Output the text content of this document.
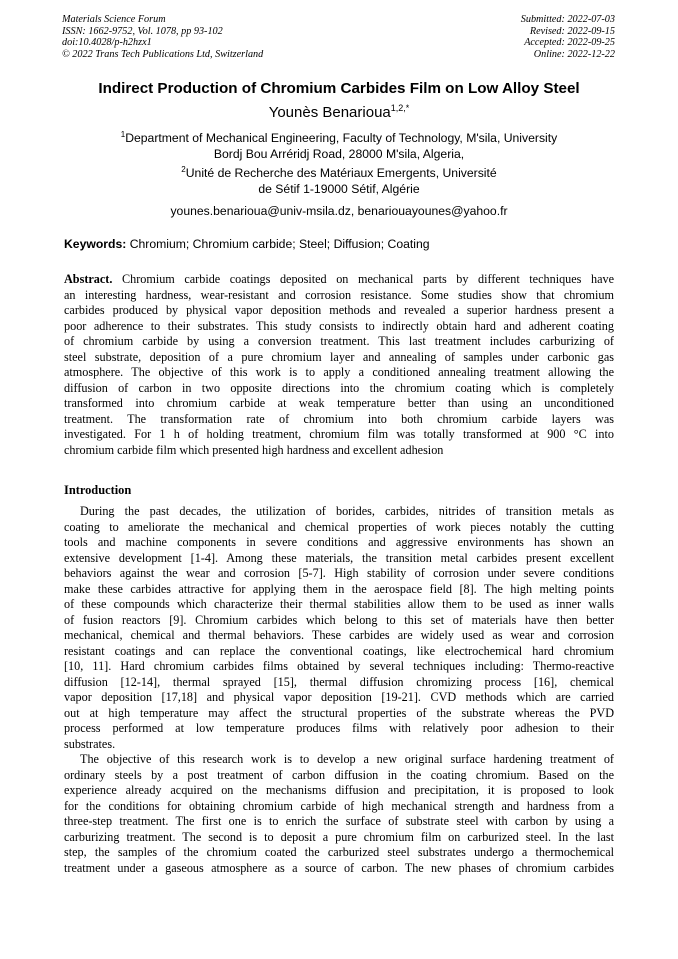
Materials Science Forum
ISSN: 1662-9752, Vol. 1078, pp 93-102
doi:10.4028/p-h2hzx1
© 2022 Trans Tech Publications Ltd, Switzerland
Submitted: 2022-07-03
Revised: 2022-09-15
Accepted: 2022-09-25
Online: 2022-12-22
Indirect Production of Chromium Carbides Film on Low Alloy Steel
Younès Benarioua$^{1,2,*}$
$^1$Department of Mechanical Engineering, Faculty of Technology, M'sila, University
Bordj Bou Arréridj Road, 28000 M'sila, Algeria,
$^2$Unité de Recherche des Matériaux Emergents, Université
de Sétif 1-19000 Sétif, Algérie
younes.benarioua@univ-msila.dz, benariouayounes@yahoo.fr
Keywords: Chromium; Chromium carbide; Steel; Diffusion; Coating
Abstract. Chromium carbide coatings deposited on mechanical parts by different techniques have
an interesting hardness, wear-resistant and corrosion resistance. Some studies show that chromium
carbides produced by physical vapor deposition methods and revealed a superior hardness present a
poor adherence to their substrates. This study consists to indirectly obtain hard and adherent coating
of chromium carbide by using a conversion treatment. This last treatment includes carburizing of
steel substrate, deposition of a pure chromium layer and annealing of samples under carbonic gas
atmosphere. The objective of this work is to apply a conditioned annealing treatment allowing the
diffusion of carbon in two opposite directions into the chromium coating which is completely
transformed into chromium carbide at weak temperature better than using an unconditioned
treatment. The transformation rate of chromium into both chromium carbide layers was
investigated. For 1 h of holding treatment, chromium film was totally transformed at 900 °C into
chromium carbide film which presented high hardness and excellent adhesion
Introduction
During the past decades, the utilization of borides, carbides, nitrides of transition metals as
coating to ameliorate the mechanical and chemical properties of work pieces notably the cutting
tools and machine components in severe conditions and aggressive environments has shown an
extensive development [1-4]. Among these materials, the transition metal carbides present excellent
behaviors against the wear and corrosion [5-7]. High stability of corrosion under severe conditions
make these carbides attractive for applying them in the aerospace field [8]. The high melting points
of these compounds which characterize their thermal stabilities allow them to be used as inner walls
of fusion reactors [9]. Chromium carbides which belong to this set of materials have then better
mechanical, chemical and thermal behaviors. These carbides are widely used as wear and corrosion
resistant coatings and can replace the conventional coatings, like electrochemical hard chromium
[10, 11]. Hard chromium carbides films obtained by several techniques including: Thermo-reactive
diffusion [12-14], thermal sprayed [15], thermal diffusion chromizing process [16], chemical
vapor deposition [17,18] and physical vapor deposition [19-21]. CVD methods which are carried
out at high temperature may affect the structural properties of the substrate whereas the PVD
process performed at low temperature produces films with relatively poor adhesion to their
substrates.
The objective of this research work is to develop a new original surface hardening treatment of
ordinary steels by a post treatment of carbon diffusion in the coating chromium. Based on the
experience already acquired on the mechanisms diffusion and precipitation, it is proposed to look
for the conditions for obtaining chromium carbide of high mechanical strength and hardness from a
three-step treatment. The first one is to enrich the surface of substrate steel with carbon by using a
carburizing treatment. The second is to deposit a pure chromium film on carburized steel. In the last
step, the samples of the chromium coated the carburized steel substrates undergo a thermochemical
treatment under a gaseous atmosphere as a source of carbon. The new phases of chromium carbides
